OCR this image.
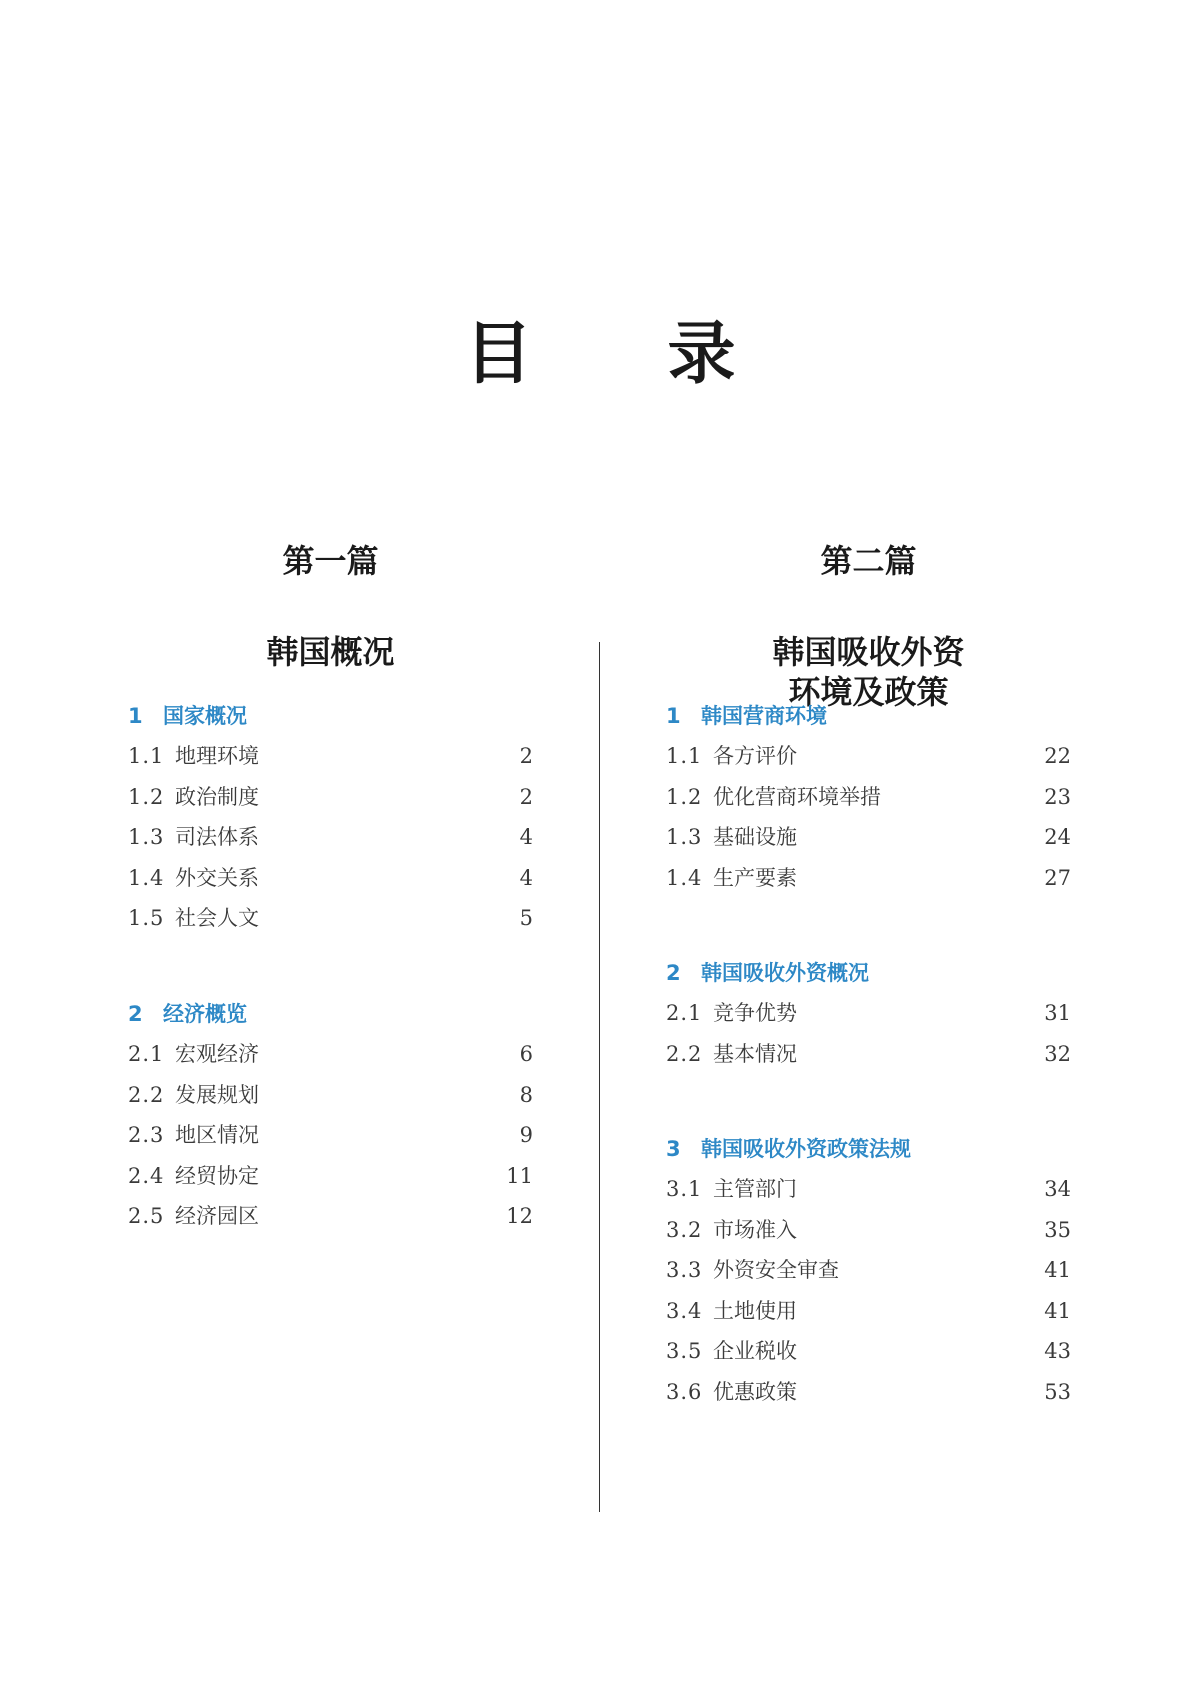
目 录
第一篇
韩国概况
1 国家概况
1.1 地理环境	2
1.2 政治制度	2
1.3 司法体系	4
1.4 外交关系	4
1.5 社会人文	5
2 经济概览
2.1 宏观经济	6
2.2 发展规划	8
2.3 地区情况	9
2.4 经贸协定	11
2.5 经济园区	12
第二篇
韩国吸收外资
环境及政策
1 韩国营商环境
1.1 各方评价	22
1.2 优化营商环境举措	23
1.3 基础设施	24
1.4 生产要素	27
2 韩国吸收外资概况
2.1 竞争优势	31
2.2 基本情况	32
3 韩国吸收外资政策法规
3.1 主管部门	34
3.2 市场准入	35
3.3 外资安全审查	41
3.4 土地使用	41
3.5 企业税收	43
3.6 优惠政策	53
